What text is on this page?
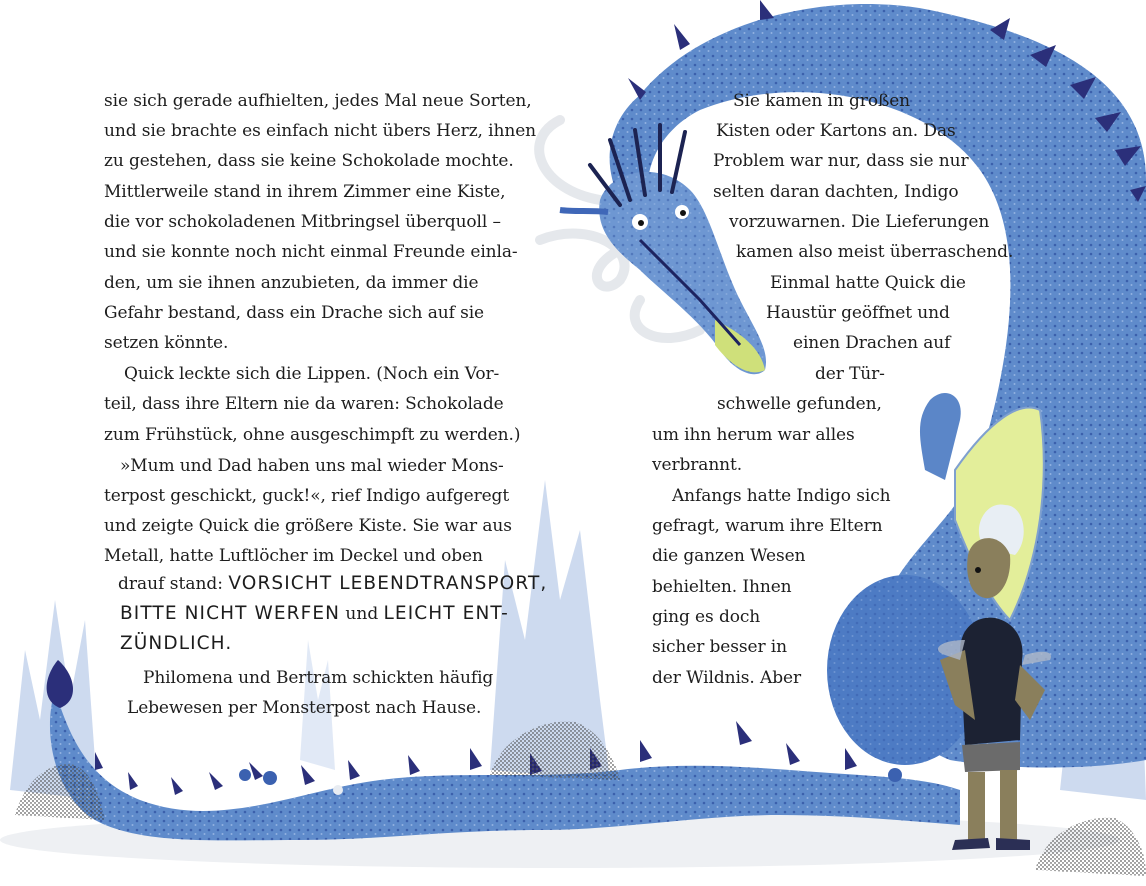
sie sich gerade aufhielten, jedes Mal neue Sorten,
und sie brachte es einfach nicht übers Herz, ihnen
zu gestehen, dass sie keine Schokolade mochte.
Mittlerweile stand in ihrem Zimmer eine Kiste,
die vor schokoladenen Mitbringsel überquoll –
und sie konnte noch nicht einmal Freunde einla-
den, um sie ihnen anzubieten, da immer die
Gefahr bestand, dass ein Drache sich auf sie
setzen könnte.
Quick leckte sich die Lippen. (Noch ein Vor-
teil, dass ihre Eltern nie da waren: Schokolade
zum Frühstück, ohne ausgeschimpft zu werden.)
»Mum und Dad haben uns mal wieder Mons-
terpost geschickt, guck!«, rief Indigo aufgeregt
und zeigte Quick die größere Kiste. Sie war aus
Metall, hatte Luftlöcher im Deckel und oben
Philomena und Bertram schickten häufig
Lebewesen per Monsterpost nach Hause.
Sie kamen in großen
Kisten oder Kartons an. Das
Problem war nur, dass sie nur
selten daran dachten, Indigo
vorzuwarnen. Die Lieferungen
kamen also meist überraschend.
Einmal hatte Quick die
Haustür geöffnet und
einen Drachen auf
der Tür-
schwelle gefunden,
um ihn herum war alles
verbrannt.
Anfangs hatte Indigo sich
gefragt, warum ihre Eltern
die ganzen Wesen
behielten. Ihnen
ging es doch
sicher besser in
der Wildnis. Aber
drauf stand: VORSICHT LEBENDTRANSPORT,
BITTE NICHT WERFEN und LEICHT ENT-
ZÜNDLICH.
